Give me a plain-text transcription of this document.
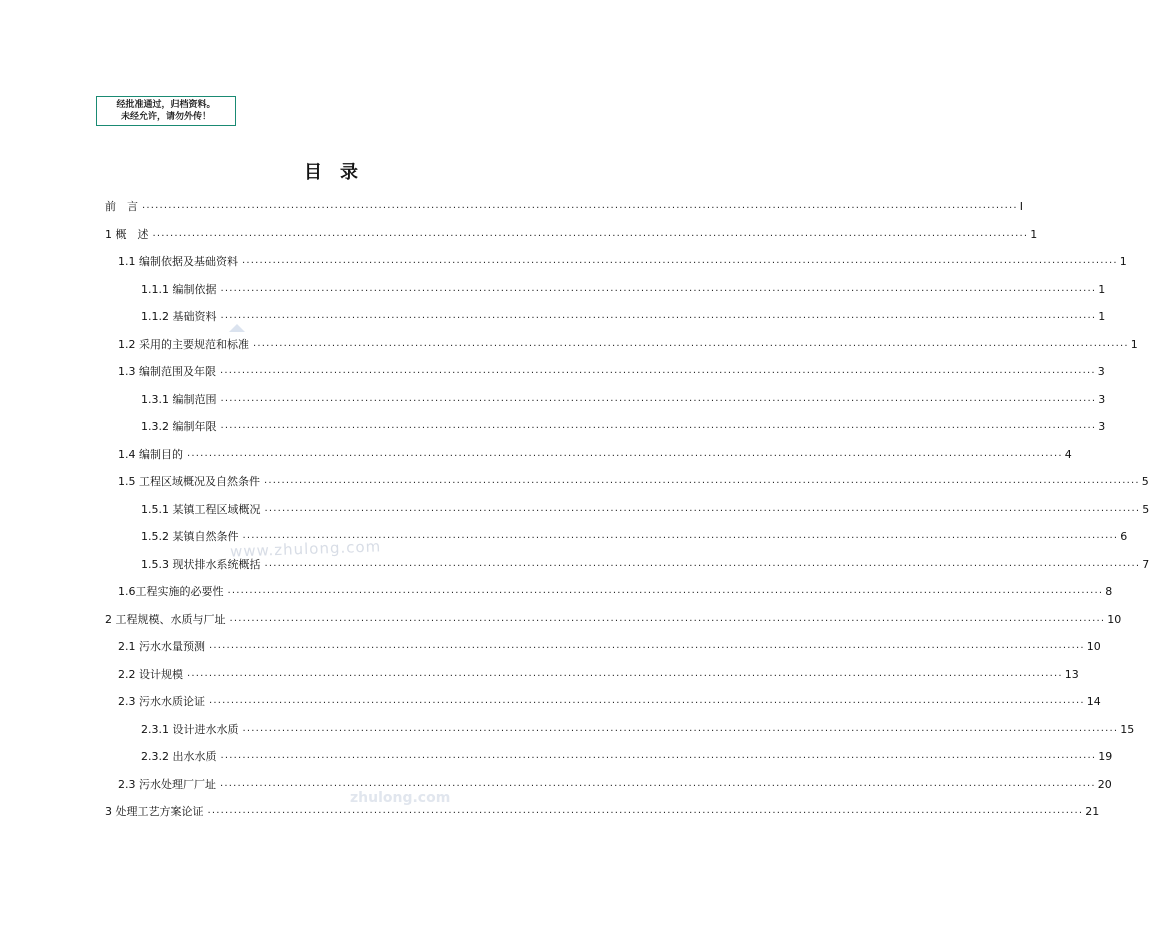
经批准通过，归档资料。
未经允许，请勿外传！
目录
www.zhulong.com
zhulong.com
前　言 ........................................................................................................................................................................................................ I
1 概　述 ........................................................................................................................................................................................................ 1
1.1 编制依据及基础资料 ........................................................................................................................................................................................................ 1
1.1.1 编制依据 ........................................................................................................................................................................................................ 1
1.1.2 基础资料 ........................................................................................................................................................................................................ 1
1.2 采用的主要规范和标准 ........................................................................................................................................................................................................ 1
1.3 编制范围及年限 ........................................................................................................................................................................................................ 3
1.3.1 编制范围 ........................................................................................................................................................................................................ 3
1.3.2 编制年限 ........................................................................................................................................................................................................ 3
1.4 编制目的 ........................................................................................................................................................................................................ 4
1.5 工程区域概况及自然条件 ........................................................................................................................................................................................................ 5
1.5.1 某镇工程区域概况 ........................................................................................................................................................................................................ 5
1.5.2 某镇自然条件 ........................................................................................................................................................................................................ 6
1.5.3 现状排水系统概括 ........................................................................................................................................................................................................ 7
1.6工程实施的必要性 ........................................................................................................................................................................................................ 8
2 工程规模、水质与厂址 ........................................................................................................................................................................................................ 10
2.1 污水水量预测 ........................................................................................................................................................................................................ 10
2.2 设计规模 ........................................................................................................................................................................................................ 13
2.3 污水水质论证 ........................................................................................................................................................................................................ 14
2.3.1 设计进水水质 ........................................................................................................................................................................................................ 15
2.3.2 出水水质 ........................................................................................................................................................................................................ 19
2.3 污水处理厂厂址 ........................................................................................................................................................................................................ 20
3 处理工艺方案论证 ........................................................................................................................................................................................................ 21
